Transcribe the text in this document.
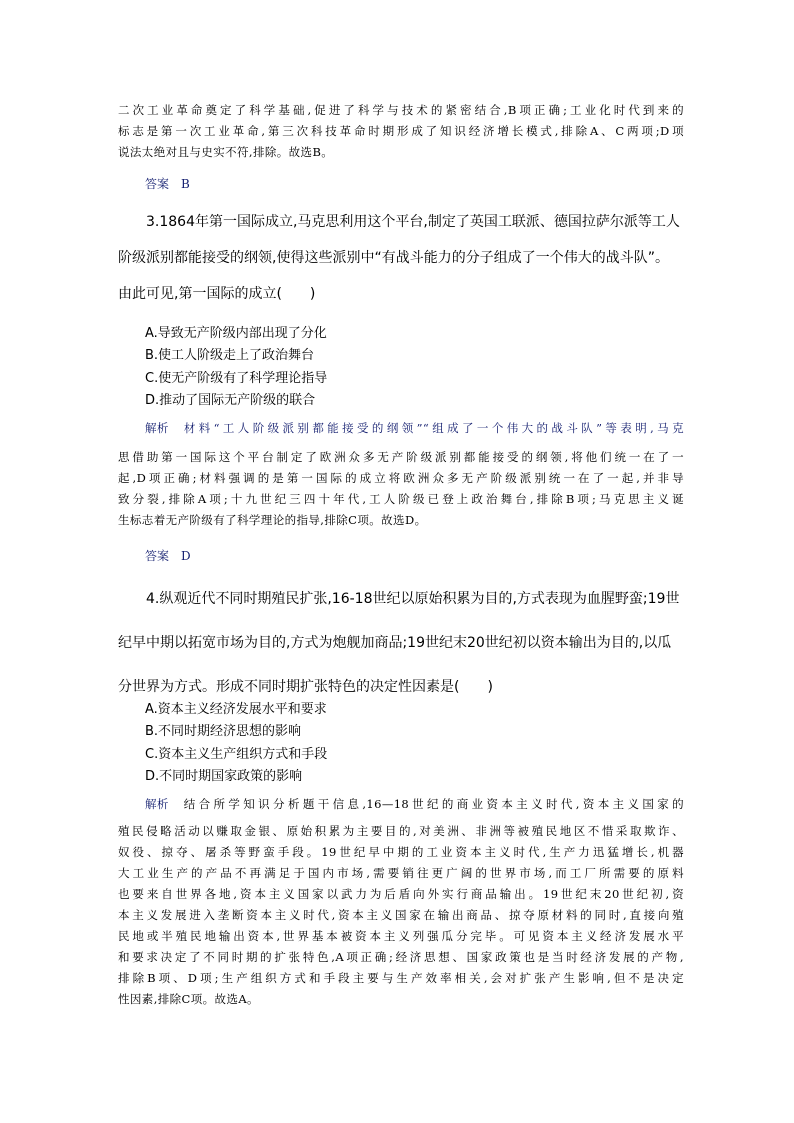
二次工业革命奠定了科学基础,促进了科学与技术的紧密结合,B项正确;工业化时代到来的
标志是第一次工业革命,第三次科技革命时期形成了知识经济增长模式,排除A、C两项;D项
说法太绝对且与史实不符,排除。故选B。
答案 B
3.1864年第一国际成立,马克思利用这个平台,制定了英国工联派、德国拉萨尔派等工人
阶级派别都能接受的纲领,使得这些派别中“有战斗能力的分子组成了一个伟大的战斗队”。
由此可见,第一国际的成立(　　)
A.导致无产阶级内部出现了分化
B.使工人阶级走上了政治舞台
C.使无产阶级有了科学理论指导
D.推动了国际无产阶级的联合
解析 材料“工人阶级派别都能接受的纲领”“组成了一个伟大的战斗队”等表明,马克
思借助第一国际这个平台制定了欧洲众多无产阶级派别都能接受的纲领,将他们统一在了一
起,D项正确;材料强调的是第一国际的成立将欧洲众多无产阶级派别统一在了一起,并非导
致分裂,排除A项;十九世纪三四十年代,工人阶级已登上政治舞台,排除B项;马克思主义诞
生标志着无产阶级有了科学理论的指导,排除C项。故选D。
答案 D
4.纵观近代不同时期殖民扩张,16-18世纪以原始积累为目的,方式表现为血腥野蛮;19世
纪早中期以拓宽市场为目的,方式为炮舰加商品;19世纪末20世纪初以资本输出为目的,以瓜
分世界为方式。形成不同时期扩张特色的决定性因素是(　　)
A.资本主义经济发展水平和要求
B.不同时期经济思想的影响
C.资本主义生产组织方式和手段
D.不同时期国家政策的影响
解析 结合所学知识分析题干信息,16—18世纪的商业资本主义时代,资本主义国家的
殖民侵略活动以赚取金银、原始积累为主要目的,对美洲、非洲等被殖民地区不惜采取欺诈、
奴役、掠夺、屠杀等野蛮手段。19世纪早中期的工业资本主义时代,生产力迅猛增长,机器
大工业生产的产品不再满足于国内市场,需要销往更广阔的世界市场,而工厂所需要的原料
也要来自世界各地,资本主义国家以武力为后盾向外实行商品输出。19世纪末20世纪初,资
本主义发展进入垄断资本主义时代,资本主义国家在输出商品、掠夺原材料的同时,直接向殖
民地或半殖民地输出资本,世界基本被资本主义列强瓜分完毕。可见资本主义经济发展水平
和要求决定了不同时期的扩张特色,A项正确;经济思想、国家政策也是当时经济发展的产物,
排除B项、D项;生产组织方式和手段主要与生产效率相关,会对扩张产生影响,但不是决定
性因素,排除C项。故选A。
